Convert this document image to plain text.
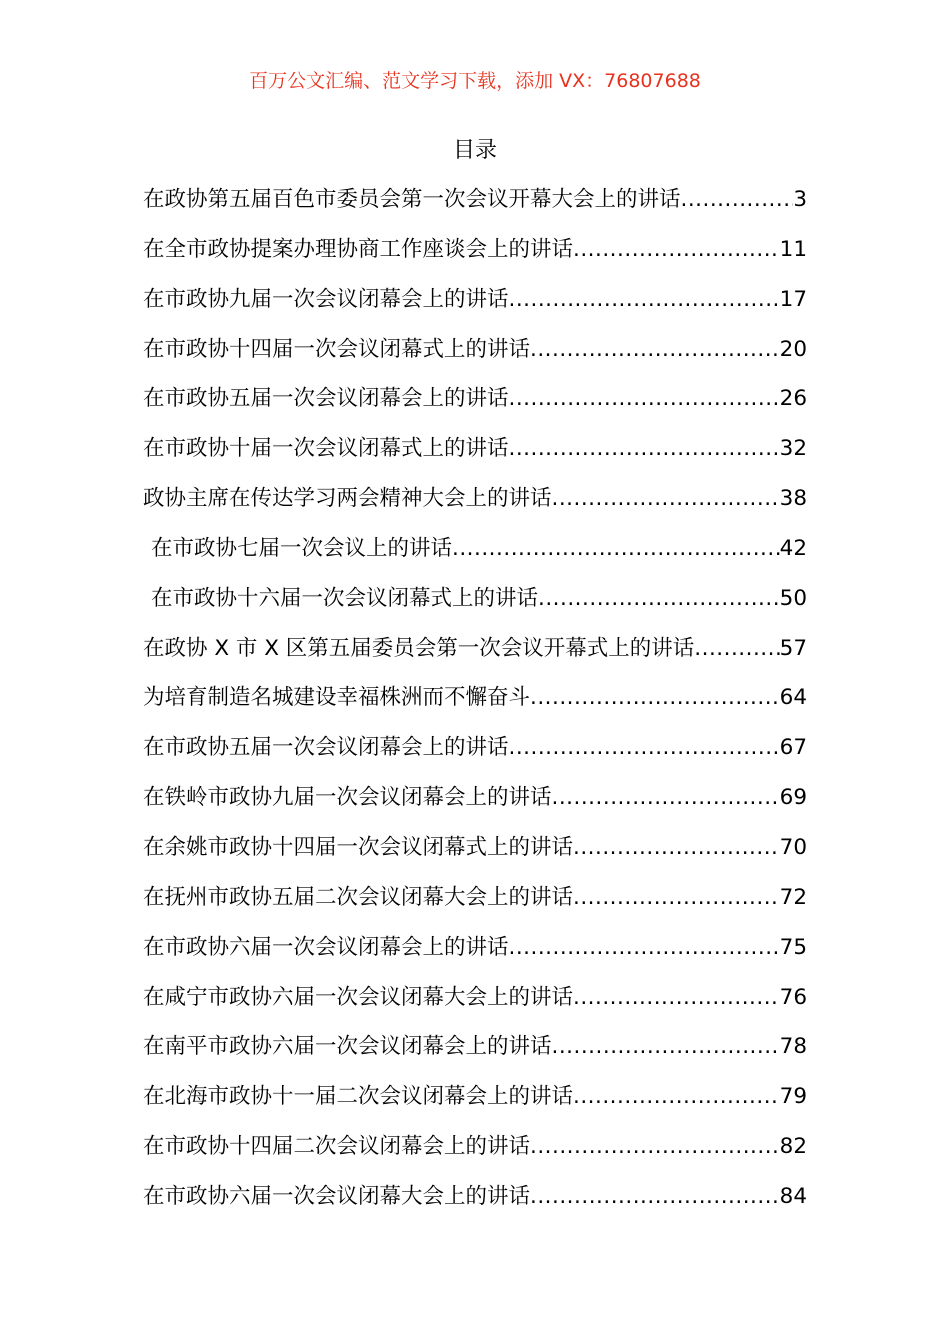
百万公文汇编、范文学习下载，添加 VX：76807688
目录
在政协第五届百色市委员会第一次会议开幕大会上的讲话 .....	3
在全市政协提案办理协商工作座谈会上的讲话 .....	11
在市政协九届一次会议闭幕会上的讲话 .....	17
在市政协十四届一次会议闭幕式上的讲话 .....	20
在市政协五届一次会议闭幕会上的讲话 .....	26
在市政协十届一次会议闭幕式上的讲话 .....	32
政协主席在传达学习两会精神大会上的讲话 .....	38
在市政协七届一次会议上的讲话 .....	42
在市政协十六届一次会议闭幕式上的讲话 .....	50
在政协 X 市 X 区第五届委员会第一次会议开幕式上的讲话 .....	57
为培育制造名城建设幸福株洲而不懈奋斗 .....	64
在市政协五届一次会议闭幕会上的讲话 .....	67
在铁岭市政协九届一次会议闭幕会上的讲话 .....	69
在余姚市政协十四届一次会议闭幕式上的讲话 .....	70
在抚州市政协五届二次会议闭幕大会上的讲话 .....	72
在市政协六届一次会议闭幕会上的讲话 .....	75
在咸宁市政协六届一次会议闭幕大会上的讲话 .....	76
在南平市政协六届一次会议闭幕会上的讲话 .....	78
在北海市政协十一届二次会议闭幕会上的讲话 .....	79
在市政协十四届二次会议闭幕会上的讲话 .....	82
在市政协六届一次会议闭幕大会上的讲话 .....	84
